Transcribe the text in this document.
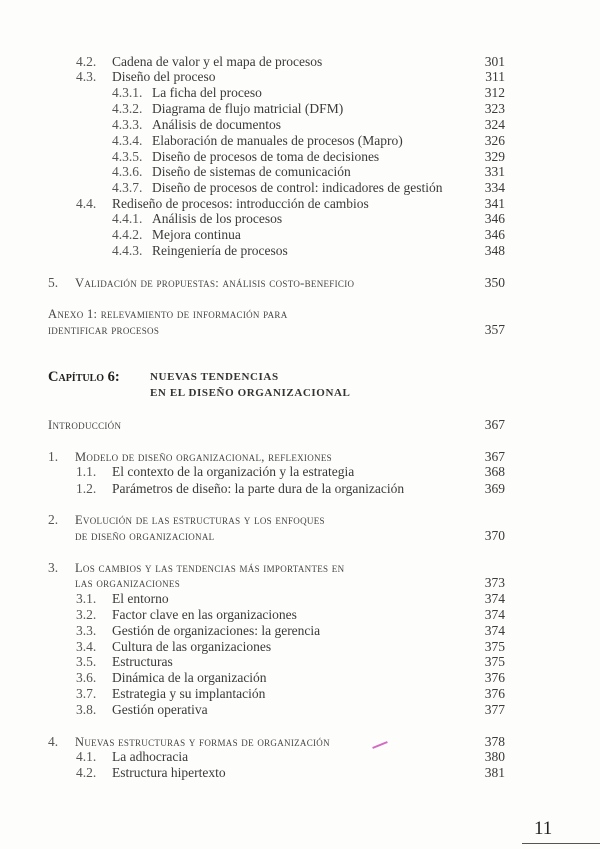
4.2. Cadena de valor y el mapa de procesos	301
4.3. Diseño del proceso	311
4.3.1. La ficha del proceso	312
4.3.2. Diagrama de flujo matricial (DFM)	323
4.3.3. Análisis de documentos	324
4.3.4. Elaboración de manuales de procesos (Mapro)	326
4.3.5. Diseño de procesos de toma de decisiones	329
4.3.6. Diseño de sistemas de comunicación	331
4.3.7. Diseño de procesos de control: indicadores de gestión	334
4.4. Rediseño de procesos: introducción de cambios	341
4.4.1. Análisis de los procesos	346
4.4.2. Mejora continua	346
4.4.3. Reingeniería de procesos	348
5. Validación de propuestas: análisis costo-beneficio	350
Anexo 1: relevamiento de información para
identificar procesos	357
Capítulo 6:	NUEVAS TENDENCIAS
EN EL DISEÑO ORGANIZACIONAL
Introducción	367
1. Modelo de diseño organizacional, reflexiones	367
1.1. El contexto de la organización y la estrategia	368
1.2. Parámetros de diseño: la parte dura de la organización	369
2. Evolución de las estructuras y los enfoques
de diseño organizacional	370
3. Los cambios y las tendencias más importantes en
las organizaciones	373
3.1. El entorno	374
3.2. Factor clave en las organizaciones	374
3.3. Gestión de organizaciones: la gerencia	374
3.4. Cultura de las organizaciones	375
3.5. Estructuras	375
3.6. Dinámica de la organización	376
3.7. Estrategia y su implantación	376
3.8. Gestión operativa	377
4. Nuevas estructuras y formas de organización	378
4.1. La adhocracia	380
4.2. Estructura hipertexto	381
11
